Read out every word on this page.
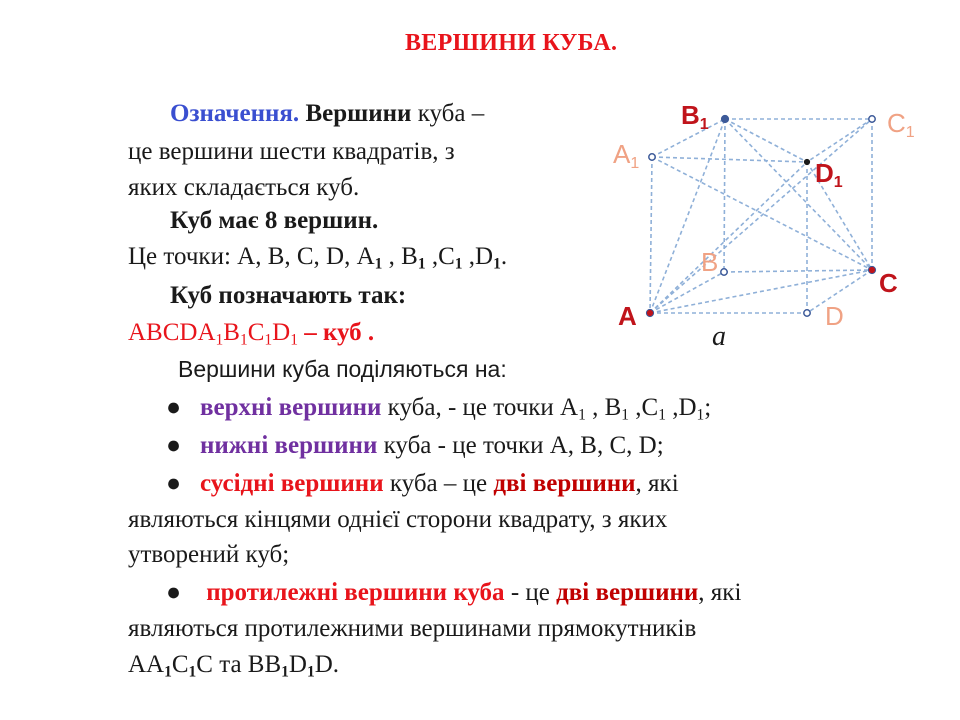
ВЕРШИНИ КУБА.
Означення. Вершини куба –
це вершини шести квадратів, з
яких складається куб.
Куб має 8 вершин.
Це точки: А, В, С, D, $А_1$ , $В_1$ $,С_1$ $,D_1$.
Куб позначають так:
$ABCDA_1B_1C_1D_1$ – куб .
Вершини куба поділяються на:
● верхні вершини куба, - це точки $А_1$ , $В_1$ $,С_1$ $,D_1$;
● нижні вершини куба - це точки А, В, С, D;
● сусідні вершини куба – це дві вершини, які
являються кінцями однієї сторони квадрату, з яких
утворений куб;
● протилежні вершини куба - це дві вершини, які
являються протилежними вершинами прямокутників
$АА_1С_1С$ та $ВВ_1D_1D$.
B1	C1
A1	D1
B
C
A	D
a
